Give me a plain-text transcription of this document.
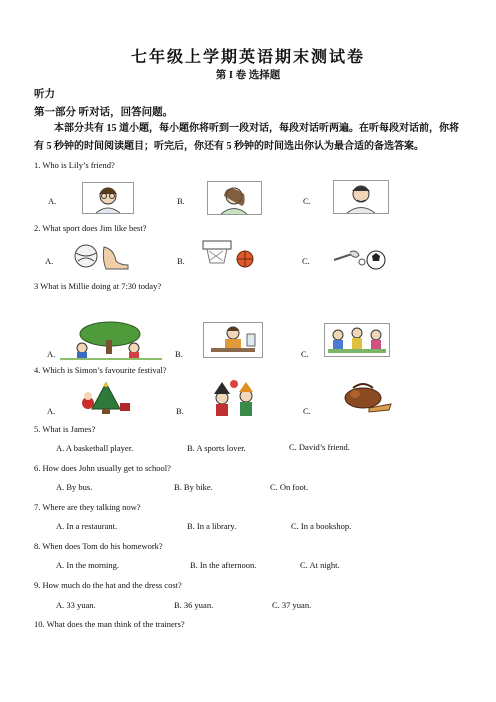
七年级上学期英语期末测试卷
第 I 卷 选择题
听力
第一部分 听对话，回答问题。
本部分共有 15 道小题，每小题你将听到一段对话，每段对话听两遍。在听每段对话前，你将有 5 秒钟的时间阅读题目；听完后，你还有 5 秒钟的时间选出你认为最合适的备选答案。
1. Who is Lily’s friend?
A.	B.	C.
2. What sport does Jim like best?
A.	B.	C.
3 What is Millie doing at 7:30 today?
A.	B.	C.
4. Which is Simon’s favourite festival?
A.	B.	C.
5. What is James?
A. A basketball player.	B. A sports lover.	C. David’s friend.
6. How does John usually get to school?
A. By bus.	B. By bike.	C. On foot.
7. Where are they talking now?
A. In a restaurant.	B. In a library.	C. In a bookshop.
8. When does Tom do his homework?
A. In the morning.	B. In the afternoon.	C. At night.
9. How much do the hat and the dress cost?
A. 33 yuan.	B. 36 yuan.	C. 37 yuan.
10. What does the man think of the trainers?
